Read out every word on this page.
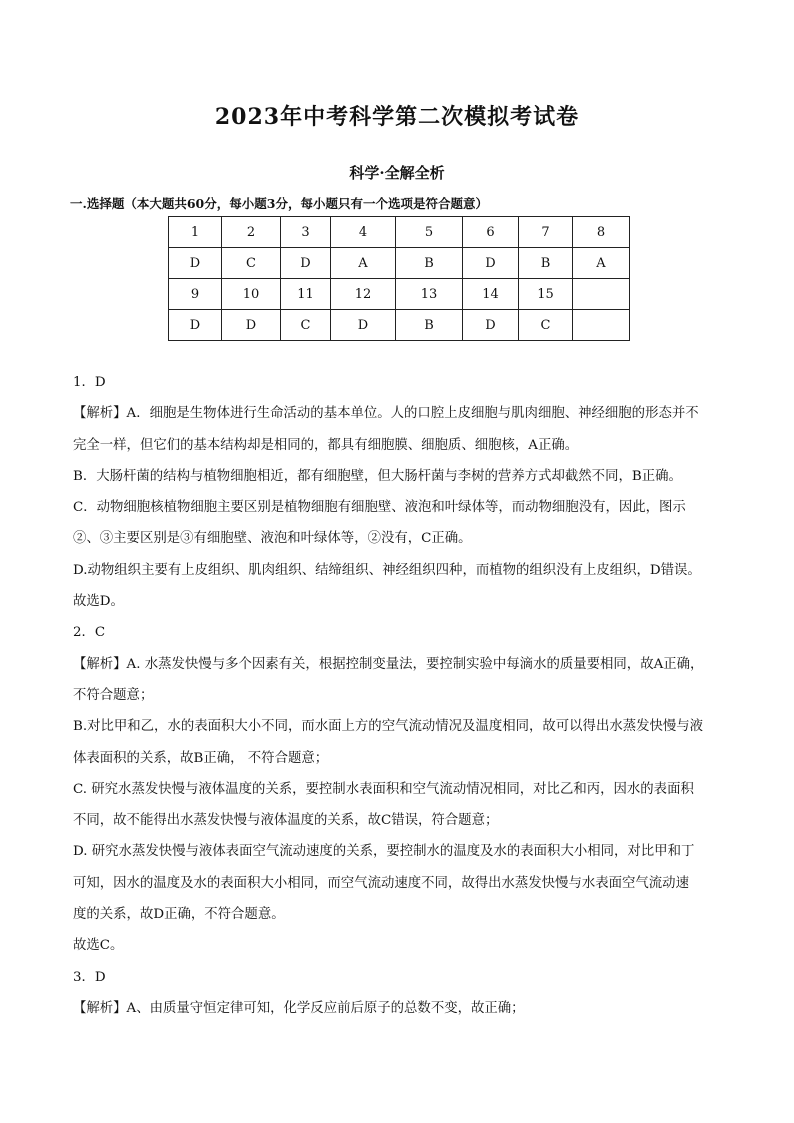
2023年中考科学第二次模拟考试卷
科学·全解全析
一.选择题（本大题共60分，每小题3分，每小题只有一个选项是符合题意）
1	2	3	4	5	6	7	8
D	C	D	A	B	D	B	A
9	10	11	12	13	14	15	
D	D	C	D	B	D	C	
1．D
【解析】A．细胞是生物体进行生命活动的基本单位。人的口腔上皮细胞与肌肉细胞、神经细胞的形态并不
完全一样，但它们的基本结构却是相同的，都具有细胞膜、细胞质、细胞核，A正确。
B．大肠杆菌的结构与植物细胞相近，都有细胞壁，但大肠杆菌与李树的营养方式却截然不同，B正确。
C．动物细胞核植物细胞主要区别是植物细胞有细胞壁、液泡和叶绿体等，而动物细胞没有，因此，图示
②、③主要区别是③有细胞壁、液泡和叶绿体等，②没有，C正确。
D.动物组织主要有上皮组织、肌肉组织、结缔组织、神经组织四种，而植物的组织没有上皮组织，D错误。
故选D。
2．C
【解析】A. 水蒸发快慢与多个因素有关，根据控制变量法，要控制实验中每滴水的质量要相同，故A正确，
不符合题意；
B.对比甲和乙，水的表面积大小不同，而水面上方的空气流动情况及温度相同，故可以得出水蒸发快慢与液
体表面积的关系，故B正确， 不符合题意；
C. 研究水蒸发快慢与液体温度的关系，要控制水表面积和空气流动情况相同，对比乙和丙，因水的表面积
不同，故不能得出水蒸发快慢与液体温度的关系，故C错误，符合题意；
D. 研究水蒸发快慢与液体表面空气流动速度的关系，要控制水的温度及水的表面积大小相同，对比甲和丁
可知，因水的温度及水的表面积大小相同，而空气流动速度不同，故得出水蒸发快慢与水表面空气流动速
度的关系，故D正确，不符合题意。
故选C。
3．D
【解析】A、由质量守恒定律可知，化学反应前后原子的总数不变，故正确；
